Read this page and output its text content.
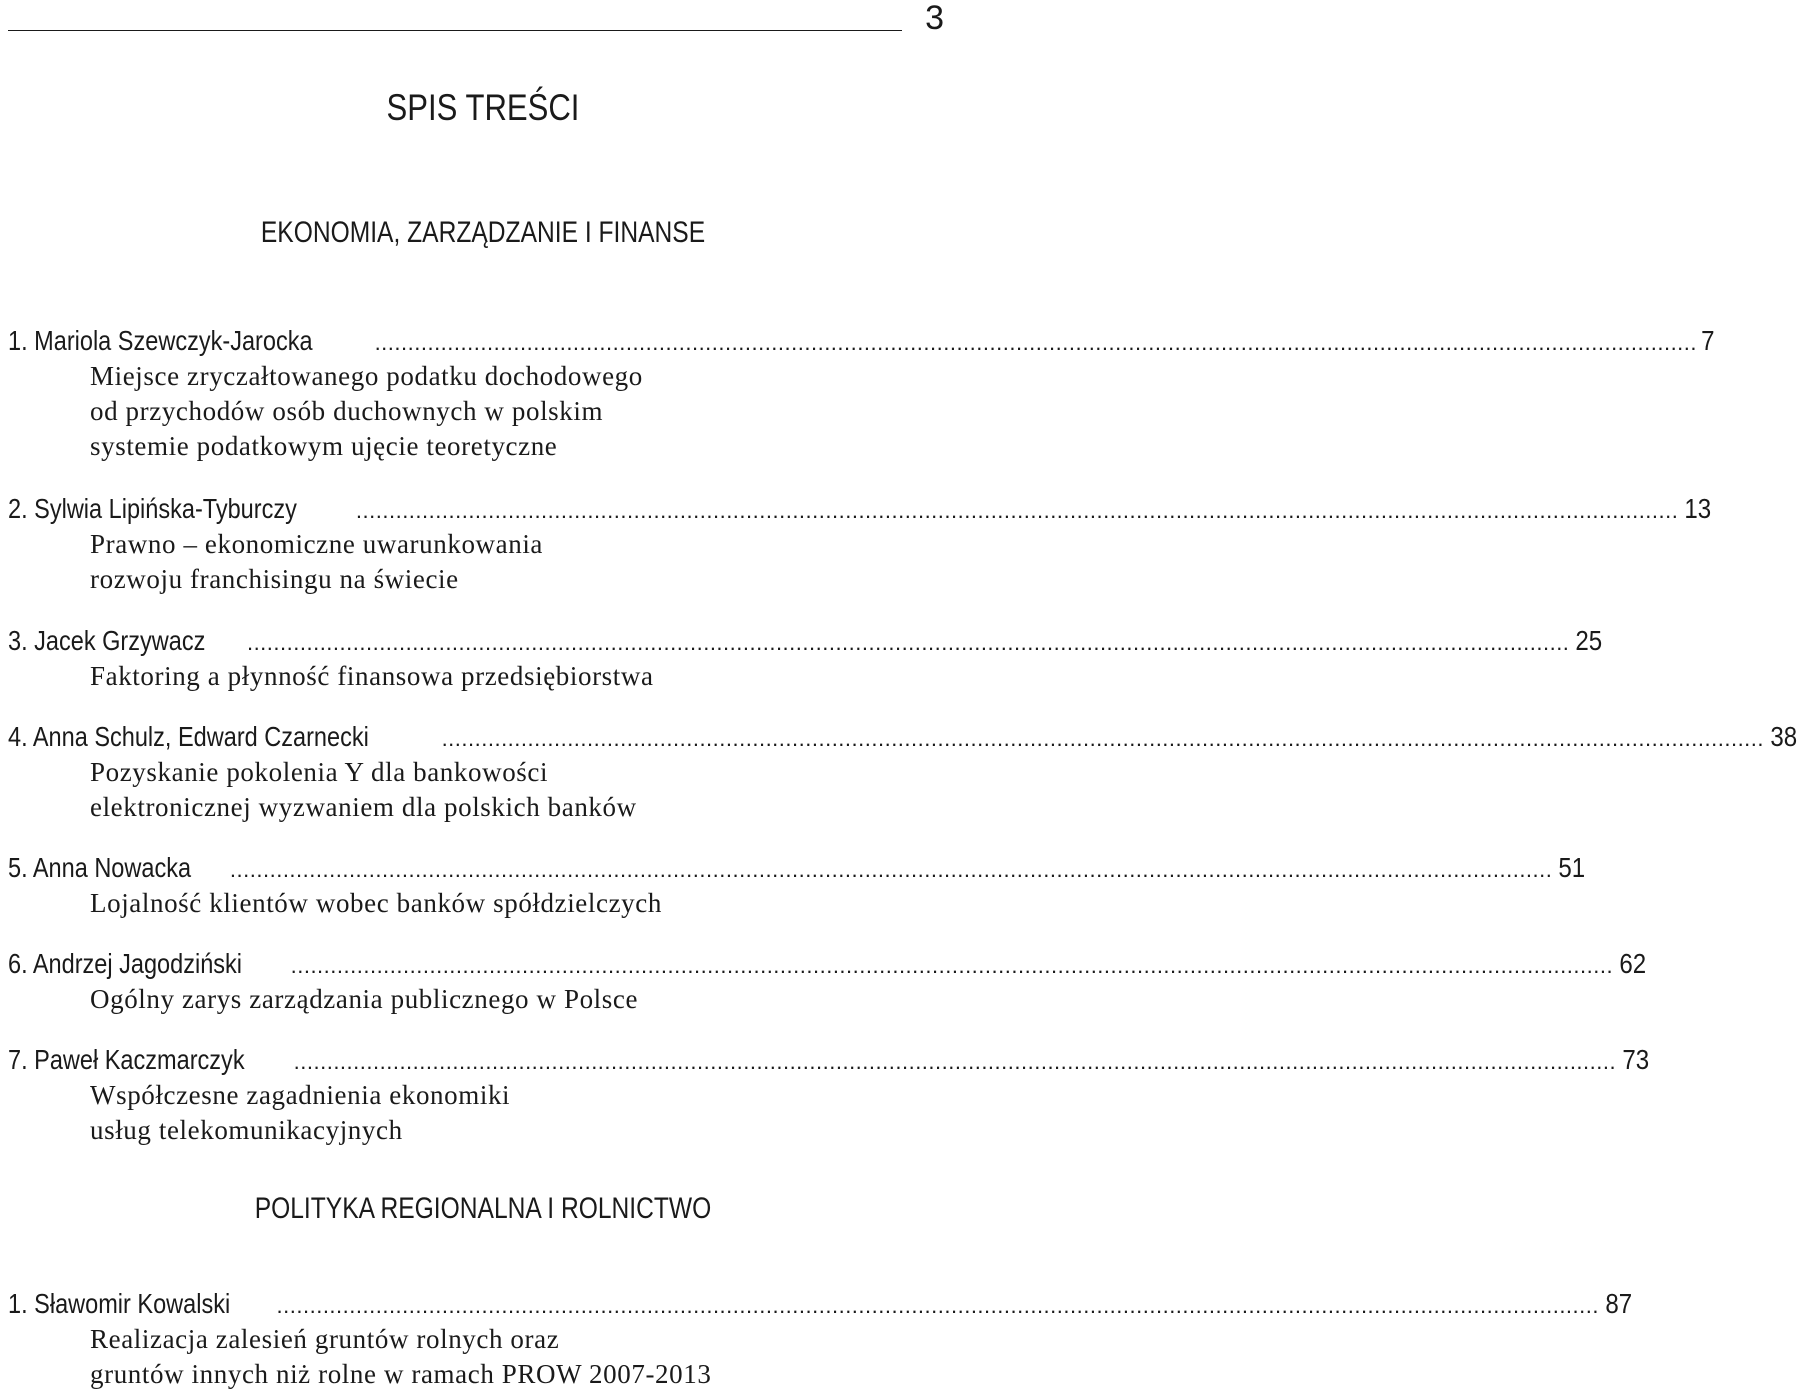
3
SPIS TREŚCI
EKONOMIA, ZARZĄDZANIE I FINANSE
1. Mariola Szewczyk-Jarocka	........................................................................................................................................................................................................ 7
Miejsce zryczałtowanego podatku dochodowego
od przychodów osób duchownych w polskim
systemie podatkowym ujęcie teoretyczne
2. Sylwia Lipińska-Tyburczy	........................................................................................................................................................................................................ 13
Prawno – ekonomiczne uwarunkowania
rozwoju franchisingu na świecie
3. Jacek Grzywacz ........................................................................................................................................................................................................ 25
Faktoring a płynność finansowa przedsiębiorstwa
4. Anna Schulz, Edward Czarnecki	........................................................................................................................................................................................................ 38
Pozyskanie pokolenia Y dla bankowości
elektronicznej wyzwaniem dla polskich banków
5. Anna Nowacka ........................................................................................................................................................................................................ 51
Lojalność klientów wobec banków spółdzielczych
6. Andrzej Jagodziński ........................................................................................................................................................................................................ 62
Ogólny zarys zarządzania publicznego w Polsce
7. Paweł Kaczmarczyk ........................................................................................................................................................................................................ 73
Współczesne zagadnienia ekonomiki
usług telekomunikacyjnych
POLITYKA REGIONALNA I ROLNICTWO
1. Sławomir Kowalski ........................................................................................................................................................................................................ 87
Realizacja zalesień gruntów rolnych oraz
gruntów innych niż rolne w ramach PROW 2007-2013
